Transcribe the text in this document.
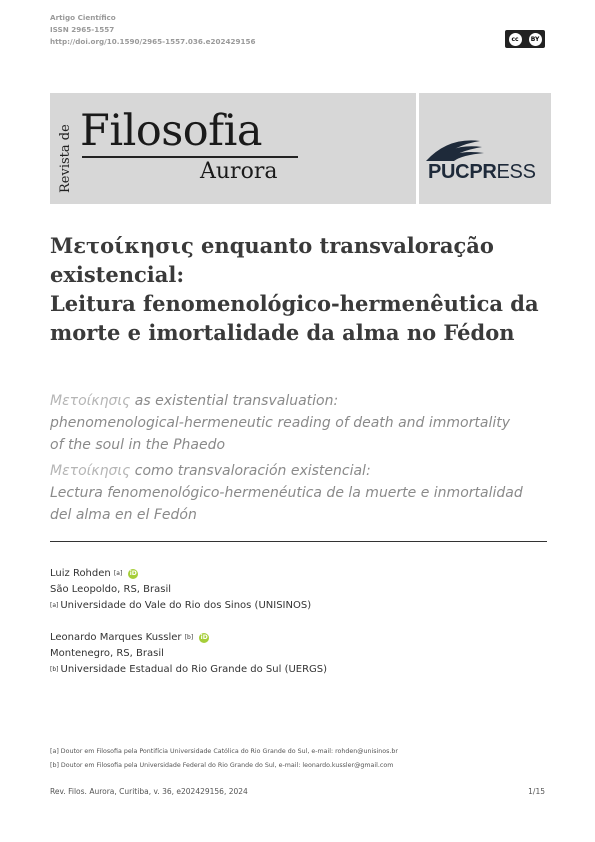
Artigo Científico
ISSN 2965-1557
http://doi.org/10.1590/2965-1557.036.e202429156	cc	BY
Revista de Filosofia
Aurora	PUCPRESS
Μετοίκησις enquanto transvaloração
existencial:
Leitura fenomenológico-hermenêutica da
morte e imortalidade da alma no Fédon
Μετοίκησις as existential transvaluation:
phenomenological-hermeneutic reading of death and immortality
of the soul in the Phaedo
Μετοίκησις como transvaloración existencial:
Lectura fenomenológico-hermenéutica de la muerte e inmortalidad
del alma en el Fedón
Luiz Rohden
[a] iD
São Leopoldo, RS, Brasil
[a] Universidade do Vale do Rio dos Sinos (UNISINOS)
Leonardo Marques Kussler
[b] iD
Montenegro, RS, Brasil
[b] Universidade Estadual do Rio Grande do Sul (UERGS)
[a] Doutor em Filosofia pela Pontifícia Universidade Católica do Rio Grande do Sul, e-mail: rohden@unisinos.br
[b] Doutor em Filosofia pela Universidade Federal do Rio Grande do Sul, e-mail: leonardo.kussler@gmail.com
Rev. Filos. Aurora, Curitiba, v. 36, e202429156, 2024	1/15
